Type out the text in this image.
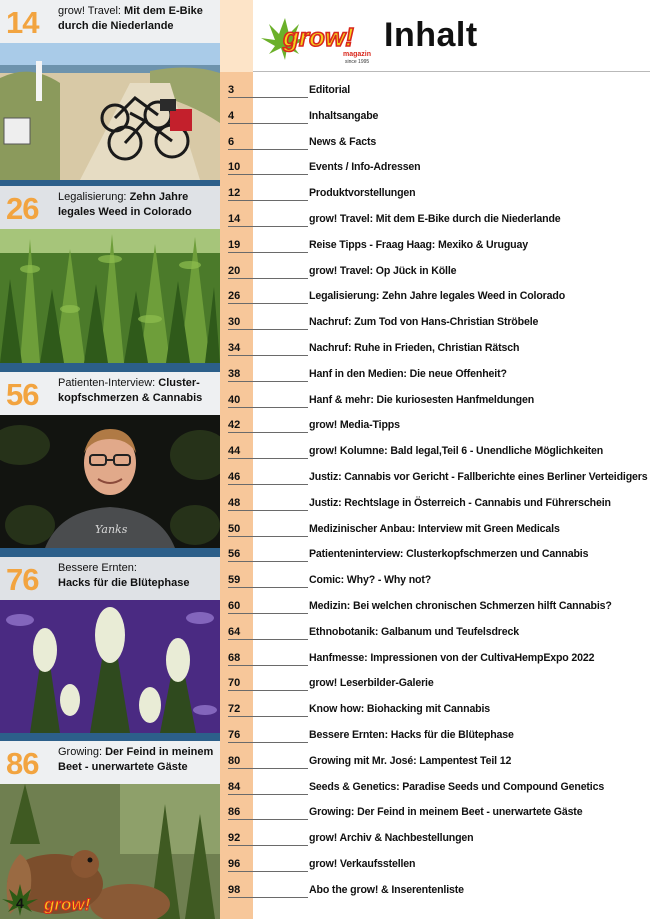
14 grow! Travel: Mit dem E-Bike durch die Niederlande
26 Legalisierung: Zehn Jahre legales Weed in Colorado
56 Patienten-Interview: Cluster-kopfschmerzen & Cannabis
Yanks
76 Bessere Ernten:
Hacks für die Blütephase
86 Growing: Der Feind in meinem Beet - unerwartete Gäste
grow!
magazin
since 1995
Inhalt
3	Editorial
4	Inhaltsangabe
6	News & Facts
10	Events / Info-Adressen
12	Produktvorstellungen
14	grow! Travel: Mit dem E-Bike durch die Niederlande
19	Reise Tipps - Fraag Haag: Mexiko & Uruguay
20	grow! Travel: Op Jück in Kölle
26	Legalisierung: Zehn Jahre legales Weed in Colorado
30	Nachruf: Zum Tod von Hans-Christian Ströbele
34	Nachruf: Ruhe in Frieden, Christian Rätsch
38	Hanf in den Medien: Die neue Offenheit?
40	Hanf & mehr: Die kuriosesten Hanfmeldungen
42	grow! Media-Tipps
44	grow! Kolumne: Bald legal,Teil 6 - Unendliche Möglichkeiten
46	Justiz: Cannabis vor Gericht - Fallberichte eines Berliner Verteidigers
48	Justiz: Rechtslage in Österreich - Cannabis und Führerschein
50	Medizinischer Anbau: Interview mit Green Medicals
56	Patienteninterview: Clusterkopfschmerzen und Cannabis
59	Comic: Why? - Why not?
60	Medizin: Bei welchen chronischen Schmerzen hilft Cannabis?
64	Ethnobotanik: Galbanum und Teufelsdreck
68	Hanfmesse: Impressionen von der CultivaHempExpo 2022
70	grow! Leserbilder-Galerie
72	Know how: Biohacking mit Cannabis
76	Bessere Ernten: Hacks für die Blütephase
80	Growing mit Mr. José: Lampentest Teil 12
84	Seeds & Genetics: Paradise Seeds und Compound Genetics
86	Growing: Der Feind in meinem Beet - unerwartete Gäste
92	grow! Archiv & Nachbestellungen
96	grow! Verkaufsstellen
98	Abo the grow! & Inserentenliste
4 grow!
